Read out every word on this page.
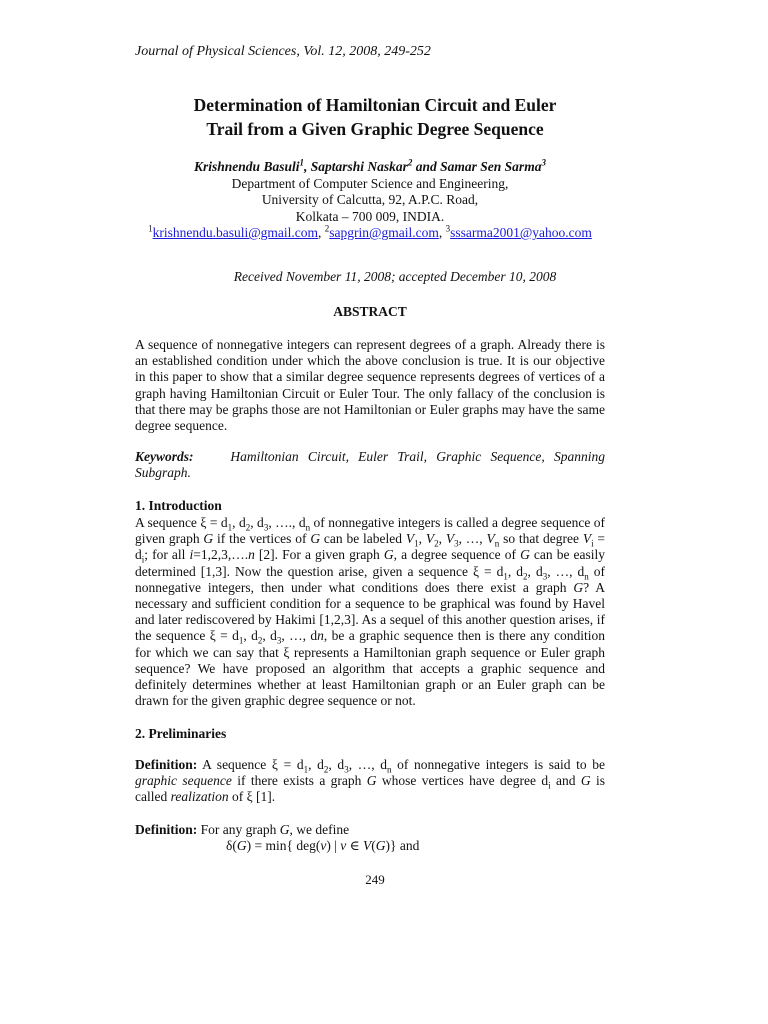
Journal of Physical Sciences, Vol. 12, 2008, 249-252
Determination of Hamiltonian Circuit and Euler
Trail from a Given Graphic Degree Sequence
Krishnendu Basuli$^1$, Saptarshi Naskar$^2$ and Samar Sen Sarma$^3$
Department of Computer Science and Engineering,
University of Calcutta, 92, A.P.C. Road,
Kolkata – 700 009, INDIA.
$^1$krishnendu.basuli@gmail.com, $^2$sapgrin@gmail.com, $^3$sssarma2001@yahoo.com
Received November 11, 2008; accepted December 10, 2008
ABSTRACT
A sequence of nonnegative integers can represent degrees of a graph. Already there is an established condition under which the above conclusion is true. It is our objective in this paper to show that a similar degree sequence represents degrees of vertices of a graph having Hamiltonian Circuit or Euler Tour. The only fallacy of the conclusion is that there may be graphs those are not Hamiltonian or Euler graphs may have the same degree sequence.
Keywords:	Hamiltonian Circuit, Euler Trail, Graphic Sequence, Spanning Subgraph.
1. Introduction
A sequence $\xi = d_1$, $d_2$, $d_3$, …., $d_n$ of nonnegative integers is called a degree sequence of given graph G if the vertices of G can be labeled $V_1$, $V_2$, $V_3$, …, $V_n$ so that degree $V_i = d_i$; for all i=1,2,3,….n [2]. For a given graph G, a degree sequence of G can be easily determined [1,3]. Now the question arise, given a sequence $\xi = d_1$, $d_2$, $d_3$, …, $d_n$ of nonnegative integers, then under what conditions does there exist a graph G? A necessary and sufficient condition for a sequence to be graphical was found by Havel and later rediscovered by Hakimi [1,2,3]. As a sequel of this another question arises, if the sequence $\xi = d_1$, $d_2$, $d_3$, …, dn, be a graphic sequence then is there any condition for which we can say that ξ represents a Hamiltonian graph sequence or Euler graph sequence? We have proposed an algorithm that accepts a graphic sequence and definitely determines whether at least Hamiltonian graph or an Euler graph can be drawn for the given graphic degree sequence or not.
2. Preliminaries
Definition: A sequence $\xi = d_1$, $d_2$, $d_3$, …, $d_n$ of nonnegative integers is said to be graphic sequence if there exists a graph G whose vertices have degree $d_i$ and G is called realization of ξ [1].
Definition: For any graph G, we define
δ(G) = min{ deg(v) | v ∈ V(G)} and
249
